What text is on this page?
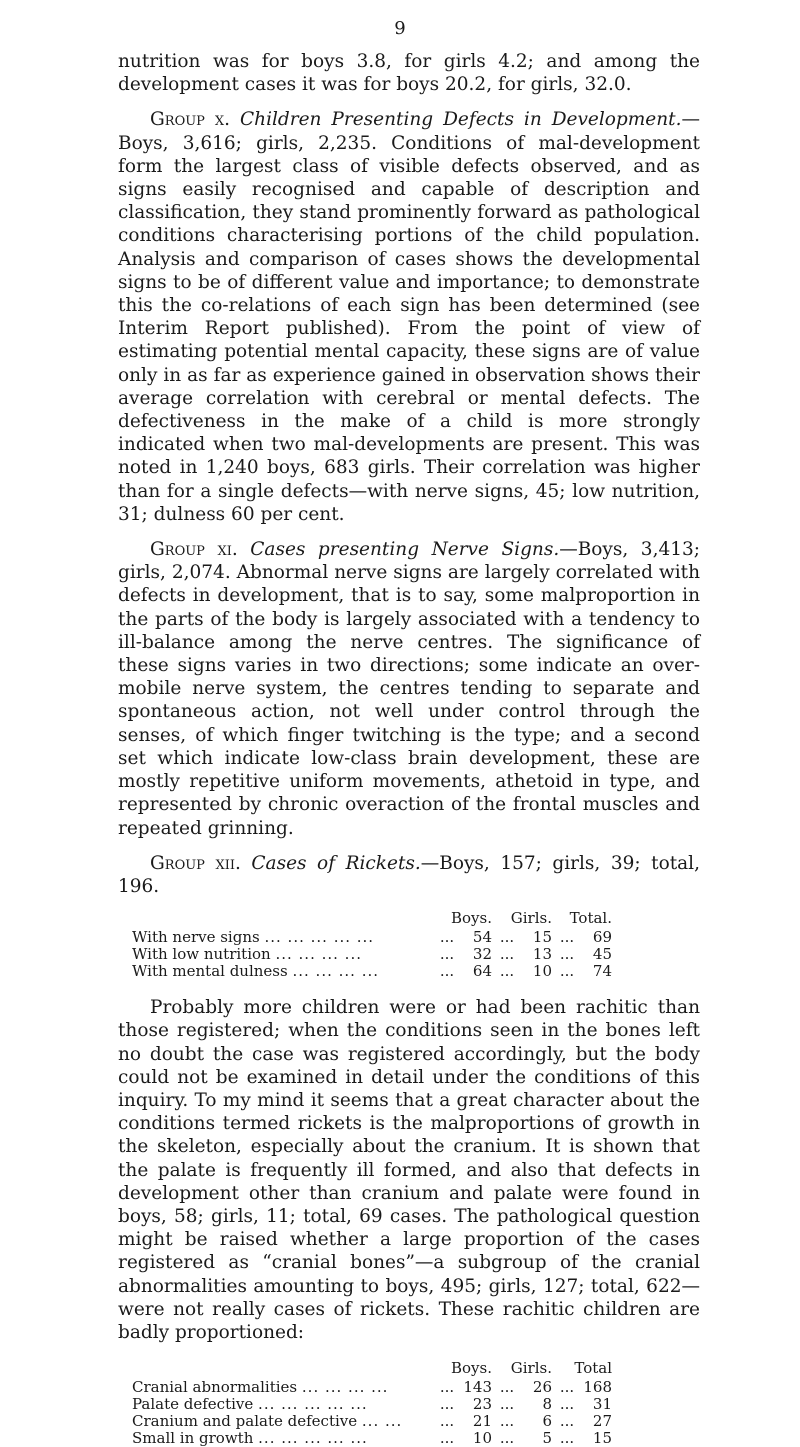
9

nutrition was for boys 3.8, for girls 4.2; and among the development cases it was for boys 20.2, for girls, 32.0.

Group x. Children Presenting Defects in Development.—Boys, 3,616; girls, 2,235. Conditions of mal-development form the largest class of visible defects observed, and as signs easily recognised and capable of description and classification, they stand prominently forward as pathological conditions characterising portions of the child population. Analysis and comparison of cases shows the developmental signs to be of different value and importance; to demonstrate this the co-relations of each sign has been determined (see Interim Report published). From the point of view of estimating potential mental capacity, these signs are of value only in as far as experience gained in observation shows their average correlation with cerebral or mental defects. The defectiveness in the make of a child is more strongly indicated when two mal-developments are present. This was noted in 1,240 boys, 683 girls. Their correlation was higher than for a single defects—with nerve signs, 45; low nutrition, 31; dulness 60 per cent.

Group xi. Cases presenting Nerve Signs.—Boys, 3,413; girls, 2,074. Abnormal nerve signs are largely correlated with defects in development, that is to say, some malproportion in the parts of the body is largely associated with a tendency to ill-balance among the nerve centres. The significance of these signs varies in two directions; some indicate an over-mobile nerve system, the centres tending to separate and spontaneous action, not well under control through the senses, of which finger twitching is the type; and a second set which indicate low-class brain development, these are mostly repetitive uniform movements, athetoid in type, and represented by chronic overaction of the frontal muscles and repeated grinning.

Group xii. Cases of Rickets.—Boys, 157; girls, 39; total, 196.

	Boys.		Girls.		Total.	
With nerve signs ... ... ... ... ...	...	54	...	15	...	69
With low nutrition ... ... ... ...	...	32	...	13	...	45
With mental dulness ... ... ... ...	...	64	...	10	...	74

Probably more children were or had been rachitic than those registered; when the conditions seen in the bones left no doubt the case was registered accordingly, but the body could not be examined in detail under the conditions of this inquiry. To my mind it seems that a great character about the conditions termed rickets is the malproportions of growth in the skeleton, especially about the cranium. It is shown that the palate is frequently ill formed, and also that defects in development other than cranium and palate were found in boys, 58; girls, 11; total, 69 cases. The pathological question might be raised whether a large proportion of the cases registered as “cranial bones”—a subgroup of the cranial abnormalities amounting to boys, 495; girls, 127; total, 622—were not really cases of rickets. These rachitic children are badly proportioned:

	Boys.		Girls.		Total	
Cranial abnormalities ... ... ... ...	...	143	...	26	...	168
Palate defective ... ... ... ... ...	...	23	...	8	...	31
Cranium and palate defective ... ...	...	21	...	6	...	27
Small in growth ... ... ... ... ...	...	10	...	5	...	15
